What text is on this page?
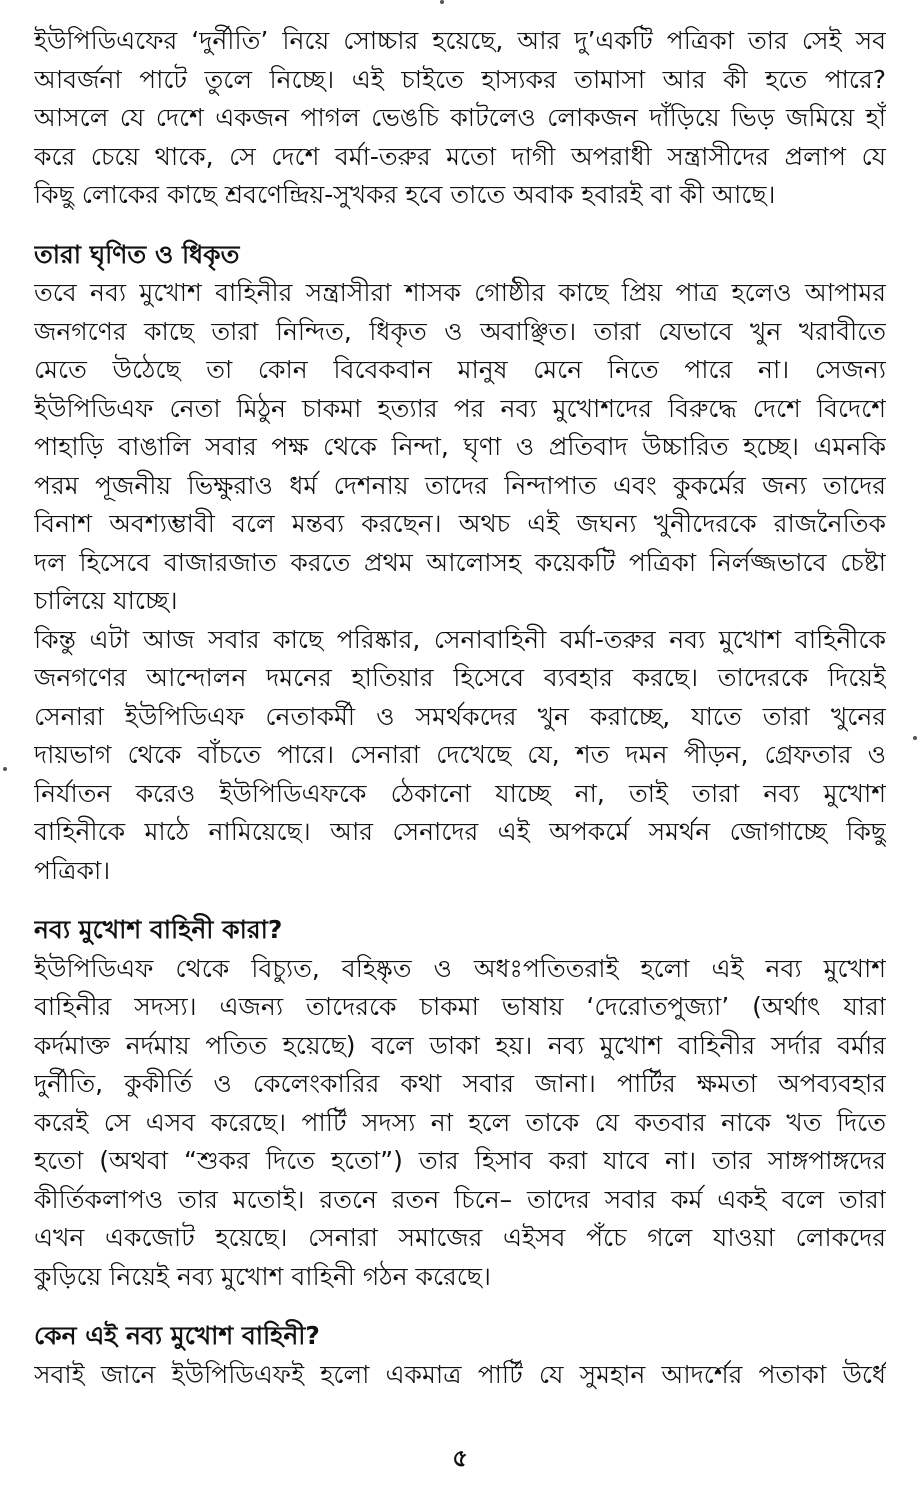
ইউপিডিএফের ‘দুর্নীতি’ নিয়ে সোচ্চার হয়েছে, আর দু’একটি পত্রিকা তার সেই সব
আবর্জনা পাটে তুলে নিচ্ছে। এই চাইতে হাস্যকর তামাসা আর কী হতে পারে?
আসলে যে দেশে একজন পাগল ভেঙচি কাটলেও লোকজন দাঁড়িয়ে ভিড় জমিয়ে হাঁ
করে চেয়ে থাকে, সে দেশে বর্মা-তরুর মতো দাগী অপরাধী সন্ত্রাসীদের প্রলাপ যে
কিছু লোকের কাছে শ্রবণেন্দ্রিয়-সুখকর হবে তাতে অবাক হবারই বা কী আছে।
তারা ঘৃণিত ও ধিকৃত
তবে নব্য মুখোশ বাহিনীর সন্ত্রাসীরা শাসক গোষ্ঠীর কাছে প্রিয় পাত্র হলেও আপামর
জনগণের কাছে তারা নিন্দিত, ধিকৃত ও অবাঞ্ছিত। তারা যেভাবে খুন খরাবীতে
মেতে উঠেছে তা কোন বিবেকবান মানুষ মেনে নিতে পারে না। সেজন্য
ইউপিডিএফ নেতা মিঠুন চাকমা হত্যার পর নব্য মুখোশদের বিরুদ্ধে দেশে বিদেশে
পাহাড়ি বাঙালি সবার পক্ষ থেকে নিন্দা, ঘৃণা ও প্রতিবাদ উচ্চারিত হচ্ছে। এমনকি
পরম পূজনীয় ভিক্ষুরাও ধর্ম দেশনায় তাদের নিন্দাপাত এবং কুকর্মের জন্য তাদের
বিনাশ অবশ্যম্ভাবী বলে মন্তব্য করছেন। অথচ এই জঘন্য খুনীদেরকে রাজনৈতিক
দল হিসেবে বাজারজাত করতে প্রথম আলোসহ কয়েকটি পত্রিকা নির্লজ্জভাবে চেষ্টা
চালিয়ে যাচ্ছে।
কিন্তু এটা আজ সবার কাছে পরিষ্কার, সেনাবাহিনী বর্মা-তরুর নব্য মুখোশ বাহিনীকে
জনগণের আন্দোলন দমনের হাতিয়ার হিসেবে ব্যবহার করছে। তাদেরকে দিয়েই
সেনারা ইউপিডিএফ নেতাকর্মী ও সমর্থকদের খুন করাচ্ছে, যাতে তারা খুনের
দায়ভাগ থেকে বাঁচতে পারে। সেনারা দেখেছে যে, শত দমন পীড়ন, গ্রেফতার ও
নির্যাতন করেও ইউপিডিএফকে ঠেকানো যাচ্ছে না, তাই তারা নব্য মুখোশ
বাহিনীকে মাঠে নামিয়েছে। আর সেনাদের এই অপকর্মে সমর্থন জোগাচ্ছে কিছু
পত্রিকা।
নব্য মুখোশ বাহিনী কারা?
ইউপিডিএফ থেকে বিচ্যুত, বহিষ্কৃত ও অধঃপতিতরাই হলো এই নব্য মুখোশ
বাহিনীর সদস্য। এজন্য তাদেরকে চাকমা ভাষায় ‘দেরোতপুজ্যা’ (অর্থাৎ যারা
কর্দমাক্ত নর্দমায় পতিত হয়েছে) বলে ডাকা হয়। নব্য মুখোশ বাহিনীর সর্দার বর্মার
দুর্নীতি, কুকীর্তি ও কেলেংকারির কথা সবার জানা। পার্টির ক্ষমতা অপব্যবহার
করেই সে এসব করেছে। পার্টি সদস্য না হলে তাকে যে কতবার নাকে খত দিতে
হতো (অথবা “শুকর দিতে হতো”) তার হিসাব করা যাবে না। তার সাঙ্গপাঙ্গদের
কীর্তিকলাপও তার মতোই। রতনে রতন চিনে– তাদের সবার কর্ম একই বলে তারা
এখন একজোট হয়েছে। সেনারা সমাজের এইসব পঁচে গলে যাওয়া লোকদের
কুড়িয়ে নিয়েই নব্য মুখোশ বাহিনী গঠন করেছে।
কেন এই নব্য মুখোশ বাহিনী?
সবাই জানে ইউপিডিএফই হলো একমাত্র পার্টি যে সুমহান আদর্শের পতাকা উর্ধে
৫
